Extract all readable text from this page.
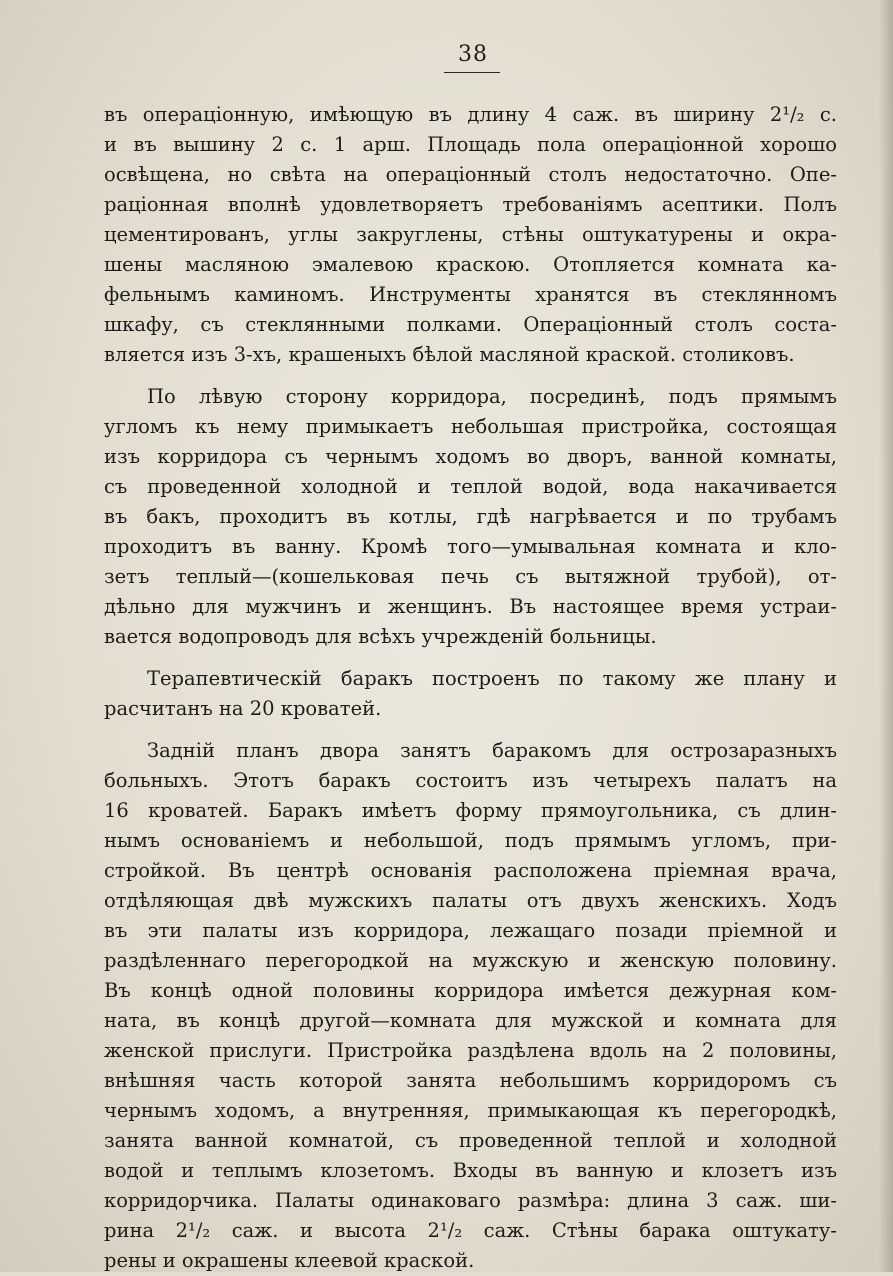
38
въ операціонную, имѣющую въ длину 4 саж. въ ширину 2¹/₂ с.
и въ вышину 2 с. 1 арш. Площадь пола операціонной хорошо
освѣщена, но свѣта на операціонный столъ недостаточно. Опе-
раціонная вполнѣ удовлетворяетъ требованіямъ асептики. Полъ
цементированъ, углы закруглены, стѣны оштукатурены и окра-
шены масляною эмалевою краскою. Отопляется комната ка-
фельнымъ каминомъ. Инструменты хранятся въ стеклянномъ
шкафу, съ стеклянными полками. Операціонный столъ соста-
вляется изъ 3-хъ, крашеныхъ бѣлой масляной краской. столиковъ.
По лѣвую сторону корридора, посрединѣ, подъ прямымъ
угломъ къ нему примыкаетъ небольшая пристройка, состоящая
изъ корридора съ чернымъ ходомъ во дворъ, ванной комнаты,
съ проведенной холодной и теплой водой, вода накачивается
въ бакъ, проходитъ въ котлы, гдѣ нагрѣвается и по трубамъ
проходитъ въ ванну. Кромѣ того—умывальная комната и кло-
зетъ теплый—(кошельковая печь съ вытяжной трубой), от-
дѣльно для мужчинъ и женщинъ. Въ настоящее время устраи-
вается водопроводъ для всѣхъ учрежденій больницы.
Терапевтическій баракъ построенъ по такому же плану и
расчитанъ на 20 кроватей.
Заднiй планъ двора занятъ баракомъ для острозаразныхъ
больныхъ. Этотъ баракъ состоитъ изъ четырехъ палатъ на
16 кроватей. Баракъ имѣетъ форму прямоугольника, съ длин-
нымъ основаніемъ и небольшой, подъ прямымъ угломъ, при-
стройкой. Въ центрѣ основанія расположена пріемная врача,
отдѣляющая двѣ мужскихъ палаты отъ двухъ женскихъ. Ходъ
въ эти палаты изъ корридора, лежащаго позади пріемной и
раздѣленнаго перегородкой на мужскую и женскую половину.
Въ концѣ одной половины корридора имѣется дежурная ком-
ната, въ концѣ другой—комната для мужской и комната для
женской прислуги. Пристройка раздѣлена вдоль на 2 половины,
внѣшняя часть которой занята небольшимъ корридоромъ съ
чернымъ ходомъ, а внутренняя, примыкающая къ перегородкѣ,
занята ванной комнатой, съ проведенной теплой и холодной
водой и теплымъ клозетомъ. Входы въ ванную и клозетъ изъ
корридорчика. Палаты одинаковаго размѣра: длина 3 саж. ши-
рина 2¹/₂ саж. и высота 2¹/₂ саж. Стѣны барака оштукату-
рены и окрашены клеевой краской.
